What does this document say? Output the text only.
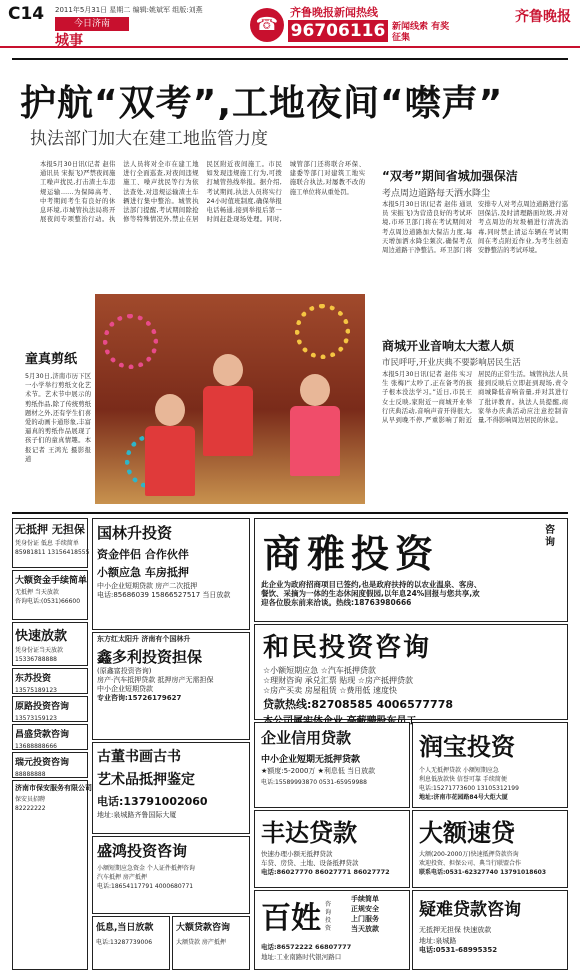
C14 2011年5月31日 星期二 编辑:姚斌军 组版:刘燕
今日济南
城事
☎
齐鲁晚报新闻热线
96706116 新闻线索 有奖征集
齐鲁晚报
护航“双考”,工地夜间“噤声”
执法部门加大在建工地监管力度
本报5月30日讯(记者 赵伟 通讯员 宋振飞)严禁夜间施工噪声扰民,打击渣土车违规运输……为保障高考、中考期间考生有良好的休息环境,市城管执法局将开展夜间专项整治行动。执法人员将对全市在建工地进行全面巡查,对夜间违规施工、噪声扰民等行为依法查处,对违规运输渣土车辆进行集中整治。城管执法部门提醒,考试期间除抢修等特殊情况外,禁止在居民区附近夜间施工。市民如发现违规施工行为,可拨打城管热线举报。据介绍,考试期间,执法人员将实行24小时值班制度,确保举报电话畅通,接到举报后第一时间赶赴现场处理。同时,城管部门还将联合环保、建委等部门对建筑工地实施联合执法,对屡教不改的施工单位将从重处罚。
“双考”期间省城加强保洁
考点周边道路每天洒水降尘
本报5月30日讯(记者 赵伟 通讯员 宋振飞)为营造良好的考试环境,市环卫部门将在考试期间对考点周边道路加大保洁力度,每天增加洒水降尘频次,确保考点周边道路干净整洁。环卫部门将安排专人对考点周边道路进行巡回保洁,及时清理路面垃圾,并对考点周边的垃圾桶进行清洗消毒,同时禁止清运车辆在考试期间在考点附近作业,为考生创造安静整洁的考试环境。
商城开业音响太大惹人烦
市民呼吁,开业庆典不要影响居民生活
本报5月30日讯(记者 赵伟 实习生 张梅)“太吵了,正在备考的孩子根本没法学习。”近日,市民王女士反映,家附近一商城开业举行庆典活动,音响声音开得很大,从早到晚不停,严重影响了附近居民的正常生活。城管执法人员接到反映后立即赶到现场,责令商城降低音响音量,并对其进行了批评教育。执法人员提醒,商家举办庆典活动应注意控制音量,不得影响周边居民的休息。
童真剪纸
5月30日,济南市历下区一小学举行剪纸文化艺术节。艺术节中展示的剪纸作品,除了传统剪纸题材之外,还有学生们喜爱的动画卡通形象,丰富逼真的剪纸作品展现了孩子们的童真情趣。本报记者 王鸿光 摄影报道
无抵押 无担保
凭身份证 低息 手续简单
85981811 13156418555
大额资金手续简单
无抵押 当天放款
咨询电话:(0531)66600
快速放款
凭身份证当天放款
15336788888
东苏投资
13575189123
原路投资咨询
13573159123
昌盛贷款咨询
13688888666
瑞元投资咨询
88888888
济南市保安服务有限公司
保安员招聘
82222222
国林升投资
资金伴侣 合作伙伴
小额应急 车房抵押
中小企业短期贷款 房产二次抵押
电话:85686039 15866527517 当日放款
东方红太阳升 济南有个国林升
鑫多利投资担保
(原鑫富投资咨询)
房产·汽车抵押贷款 抵押房产无需担保
中小企业短期贷款
专业咨询:15726179627
古董书画古书
艺术品抵押鉴定
电话:13791002060
地址:泉城路齐鲁国际大厦
盛鸿投资咨询
小额短期应急资金 个人证件抵押咨询
汽车抵押 房产抵押
电话:18654117791 4000680771
低息,当日放款
电话:13287739006
大额贷款咨询
大额贷款 房产抵押
商雅投资
咨询
此企业为政府招商项目已签约,也是政府扶持的以农业温泉、客房、
餐饮、采摘为一体的生态休闲度假园,以年息24%回报与您共享,欢
迎各位股东前来洽谈。热线:18763980666
和民投资咨询
☆小额短期应急 ☆汽车抵押贷款
☆理财咨询 承兑汇票 贴现 ☆房产抵押贷款
☆房产买卖 房屋租赁 ☆费用低 速度快
贷款热线:82708585 4006577778
企业信用贷款
中小企业短期无抵押贷款
★额度:5-2000万 ★利息低 当日放款
电话:15589993870 0531-65959988
润宝投资
个人无抵押贷款 小额短期应急
利息低放款快 信誉可靠 手续简便
电话:15271773600 13105312199
地址:济南市花园路84号大炬大厦
丰达贷款
快速办理小额无抵押贷款
车贷、房贷、土地、设备抵押贷款
电话:86027770 86027771 86027772
大额速贷
大额(200-2000万)快速抵押贷款咨询
欢迎投资、担保公司、典当行联盟合作
联系电话:0531-62327740 13791018603
百姓
手续简单
正规安全
上门服务
当天放款
咨询 投资
电话:86572222 66807777
地址:工业南路时代银河路口
疑难贷款咨询
无抵押无担保 快速放款
地址:泉城路
电话:0531-68995352
